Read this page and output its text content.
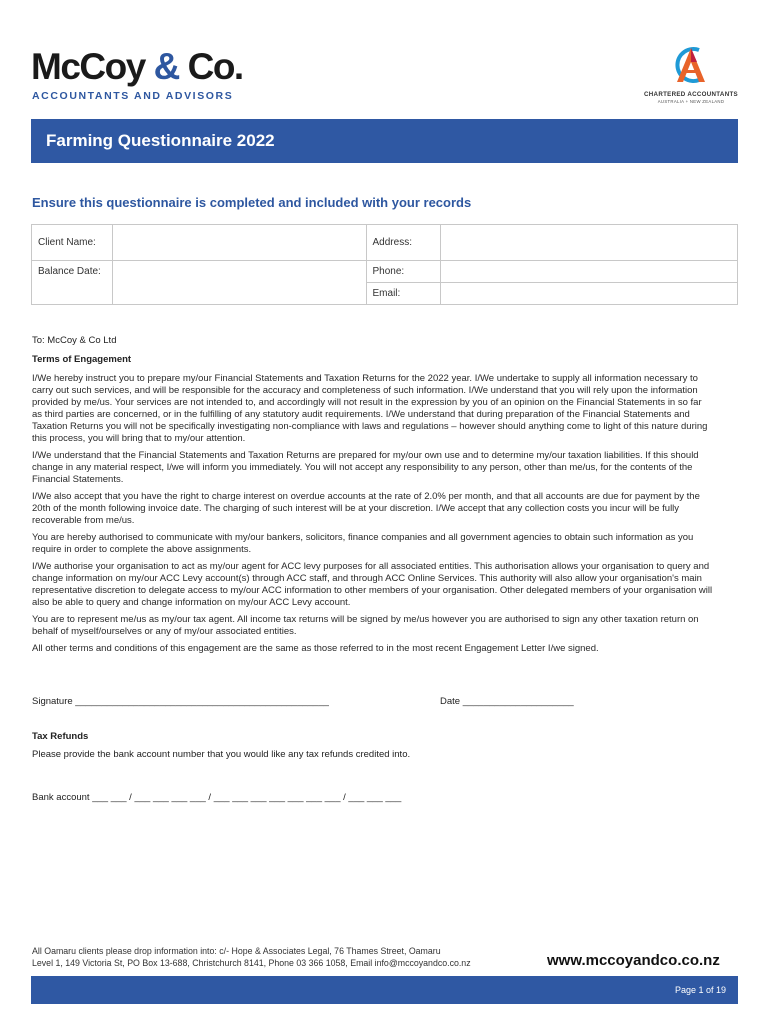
McCoy & Co.
ACCOUNTANTS AND ADVISORS	CHARTERED ACCOUNTANTS
AUSTRALIA + NEW ZEALAND
Farming Questionnaire 2022
Ensure this questionnaire is completed and included with your records
Client Name:		Address:	
Balance Date:		Phone:	
		Email:	
To: McCoy & Co Ltd
Terms of Engagement

I/We hereby instruct you to prepare my/our Financial Statements and Taxation Returns for the 2022 year. I/We undertake to supply all information necessary to carry out such services, and will be responsible for the accuracy and completeness of such information. I/We understand that you will rely upon the information provided by me/us. Your services are not intended to, and accordingly will not result in the expression by you of an opinion on the Financial Statements in so far as third parties are concerned, or in the fulfilling of any statutory audit requirements. I/We understand that during preparation of the Financial Statements and Taxation Returns you will not be specifically investigating non-compliance with laws and regulations – however should anything come to light of this nature during this process, you will bring that to my/our attention.

I/We understand that the Financial Statements and Taxation Returns are prepared for my/our own use and to determine my/our taxation liabilities. If this should change in any material respect, I/we will inform you immediately. You will not accept any responsibility to any person, other than me/us, for the contents of the Financial Statements.

I/We also accept that you have the right to charge interest on overdue accounts at the rate of 2.0% per month, and that all accounts are due for payment by the 20th of the month following invoice date. The charging of such interest will be at your discretion. I/We accept that any collection costs you incur will be fully recoverable from me/us.

You are hereby authorised to communicate with my/our bankers, solicitors, finance companies and all government agencies to obtain such information as you require in order to complete the above assignments.

I/We authorise your organisation to act as my/our agent for ACC levy purposes for all associated entities. This authorisation allows your organisation to query and change information on my/our ACC Levy account(s) through ACC staff, and through ACC Online Services. This authority will also allow your organisation's main representative discretion to delegate access to my/our ACC information to other members of your organisation. Other delegated members of your organisation will also be able to query and change information on my/our ACC Levy account.

You are to represent me/us as my/our tax agent. All income tax returns will be signed by me/us however you are authorised to sign any other taxation return on behalf of myself/ourselves or any of my/our associated entities.

All other terms and conditions of this engagement are the same as those referred to in the most recent Engagement Letter I/we signed.

Signature ________________________________________________	Date _____________________
Tax Refunds
Please provide the bank account number that you would like any tax refunds credited into.
Bank account ___ ___ / ___ ___ ___ ___ / ___ ___ ___ ___ ___ ___ ___ / ___ ___ ___
All Oamaru clients please drop information into: c/- Hope & Associates Legal, 76 Thames Street, Oamaru
Level 1, 149 Victoria St, PO Box 13-688, Christchurch 8141, Phone 03 366 1058, Email info@mccoyandco.co.nz	www.mccoyandco.co.nz
Page 1 of 19
